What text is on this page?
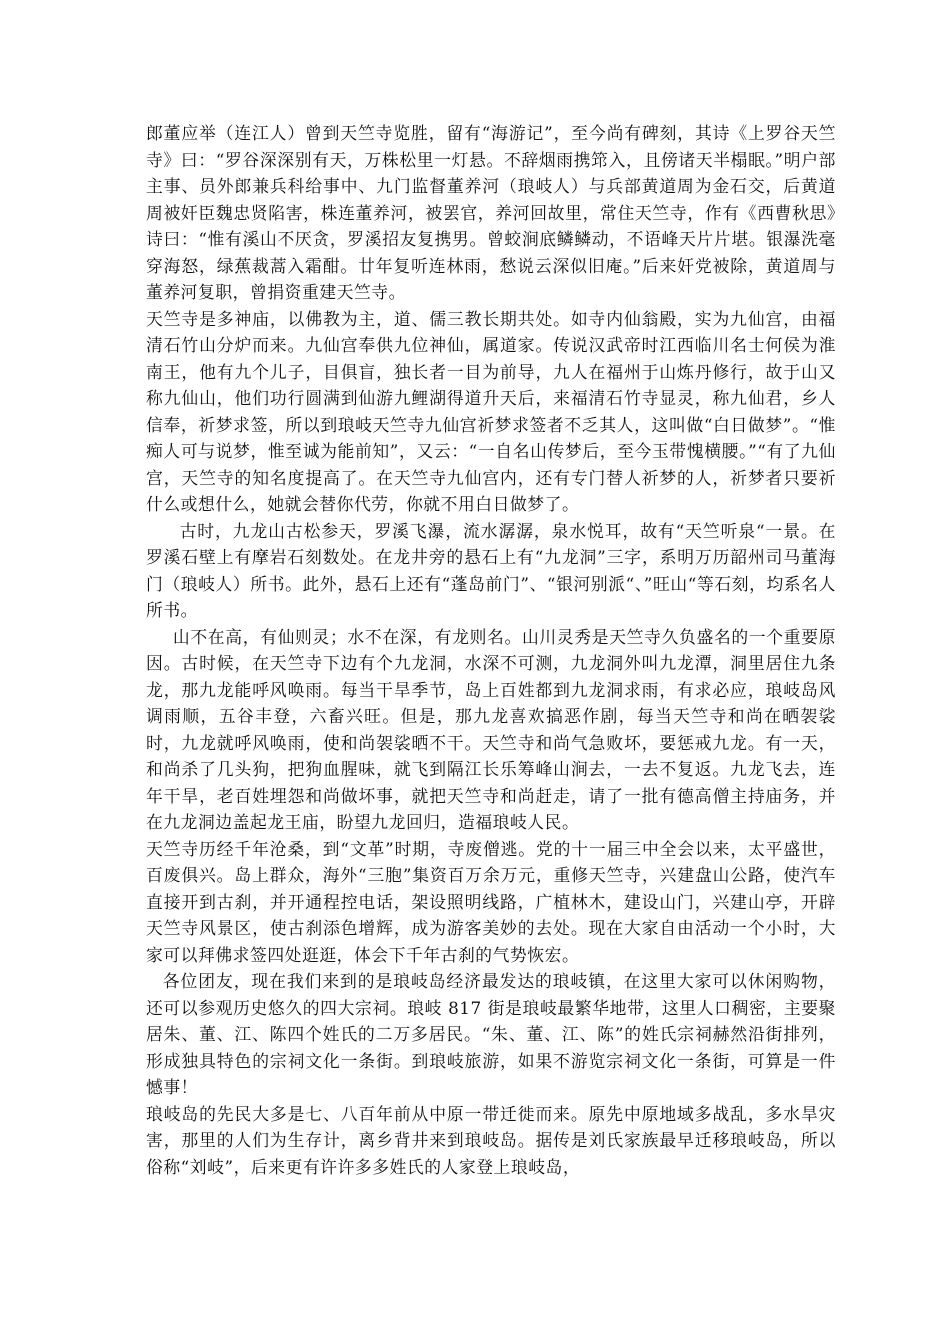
郎董应举（连江人）曾到天竺寺览胜，留有“海游记”，至今尚有碑刻，其诗《上罗谷天竺寺》曰：“罗谷深深别有天，万株松里一灯悬。不辞烟雨携筇入，且傍诸天半榻眠。”明户部主事、员外郎兼兵科给事中、九门监督董养河（琅岐人）与兵部黄道周为金石交，后黄道周被奸臣魏忠贤陷害，株连董养河，被罢官，养河回故里，常住天竺寺，作有《西曹秋思》诗曰：“惟有溪山不厌贪，罗溪招友复携男。曾蛟涧底鳞鳞动，不语峰天片片堪。银瀑洗毫穿海怒，绿蕉裁蒿入霜酣。廿年复听连林雨，愁说云深似旧庵。”后来奸党被除，黄道周与董养河复职，曾捐资重建天竺寺。

天竺寺是多神庙，以佛教为主，道、儒三教长期共处。如寺内仙翁殿，实为九仙宫，由福清石竹山分炉而来。九仙宫奉供九位神仙，属道家。传说汉武帝时江西临川名士何侯为淮南王，他有九个儿子，目俱盲，独长者一目为前导，九人在福州于山炼丹修行，故于山又称九仙山，他们功行圆满到仙游九鲤湖得道升天后，来福清石竹寺显灵，称九仙君，乡人信奉，祈梦求签，所以到琅岐天竺寺九仙宫祈梦求签者不乏其人，这叫做“白日做梦”。“惟痴人可与说梦，惟至诚为能前知”，又云：“一自名山传梦后，至今玉带愧横腰。”“有了九仙宫，天竺寺的知名度提高了。在天竺寺九仙宫内，还有专门替人祈梦的人，祈梦者只要祈什么或想什么，她就会替你代劳，你就不用白日做梦了。

古时，九龙山古松参天，罗溪飞瀑，流水潺潺，泉水悦耳，故有“天竺听泉“一景。在罗溪石壁上有摩岩石刻数处。在龙井旁的悬石上有“九龙洞”三字，系明万历韶州司马董海门（琅岐人）所书。此外，悬石上还有“蓬岛前门”、“银河别派“、”旺山“等石刻，均系名人所书。

山不在高，有仙则灵；水不在深，有龙则名。山川灵秀是天竺寺久负盛名的一个重要原因。古时候，在天竺寺下边有个九龙洞，水深不可测，九龙洞外叫九龙潭，洞里居住九条龙，那九龙能呼风唤雨。每当干旱季节，岛上百姓都到九龙洞求雨，有求必应，琅岐岛风调雨顺，五谷丰登，六畜兴旺。但是，那九龙喜欢搞恶作剧，每当天竺寺和尚在晒袈裟时，九龙就呼风唤雨，使和尚袈裟晒不干。天竺寺和尚气急败坏，要惩戒九龙。有一天，和尚杀了几头狗，把狗血腥味，就飞到隔江长乐筹峰山涧去，一去不复返。九龙飞去，连年干旱，老百姓埋怨和尚做坏事，就把天竺寺和尚赶走，请了一批有德高僧主持庙务，并在九龙洞边盖起龙王庙，盼望九龙回归，造福琅岐人民。

天竺寺历经千年沧桑，到“文革”时期，寺废僧逃。党的十一届三中全会以来，太平盛世，百废俱兴。岛上群众，海外“三胞”集资百万余万元，重修天竺寺，兴建盘山公路，使汽车直接开到古刹，并开通程控电话，架设照明线路，广植林木，建设山门，兴建山亭，开辟天竺寺风景区，使古刹添色增辉，成为游客美妙的去处。现在大家自由活动一个小时，大家可以拜佛求签四处逛逛，体会下千年古刹的气势恢宏。

各位团友，现在我们来到的是琅岐岛经济最发达的琅岐镇，在这里大家可以休闲购物，还可以参观历史悠久的四大宗祠。琅岐 817 街是琅岐最繁华地带，这里人口稠密，主要聚居朱、董、江、陈四个姓氏的二万多居民。“朱、董、江、陈”的姓氏宗祠赫然沿街排列，形成独具特色的宗祠文化一条街。到琅岐旅游，如果不游览宗祠文化一条街，可算是一件憾事！

琅岐岛的先民大多是七、八百年前从中原一带迁徙而来。原先中原地域多战乱，多水旱灾害，那里的人们为生存计，离乡背井来到琅岐岛。据传是刘氏家族最早迁移琅岐岛，所以俗称“刘岐”，后来更有许许多多姓氏的人家登上琅岐岛，
